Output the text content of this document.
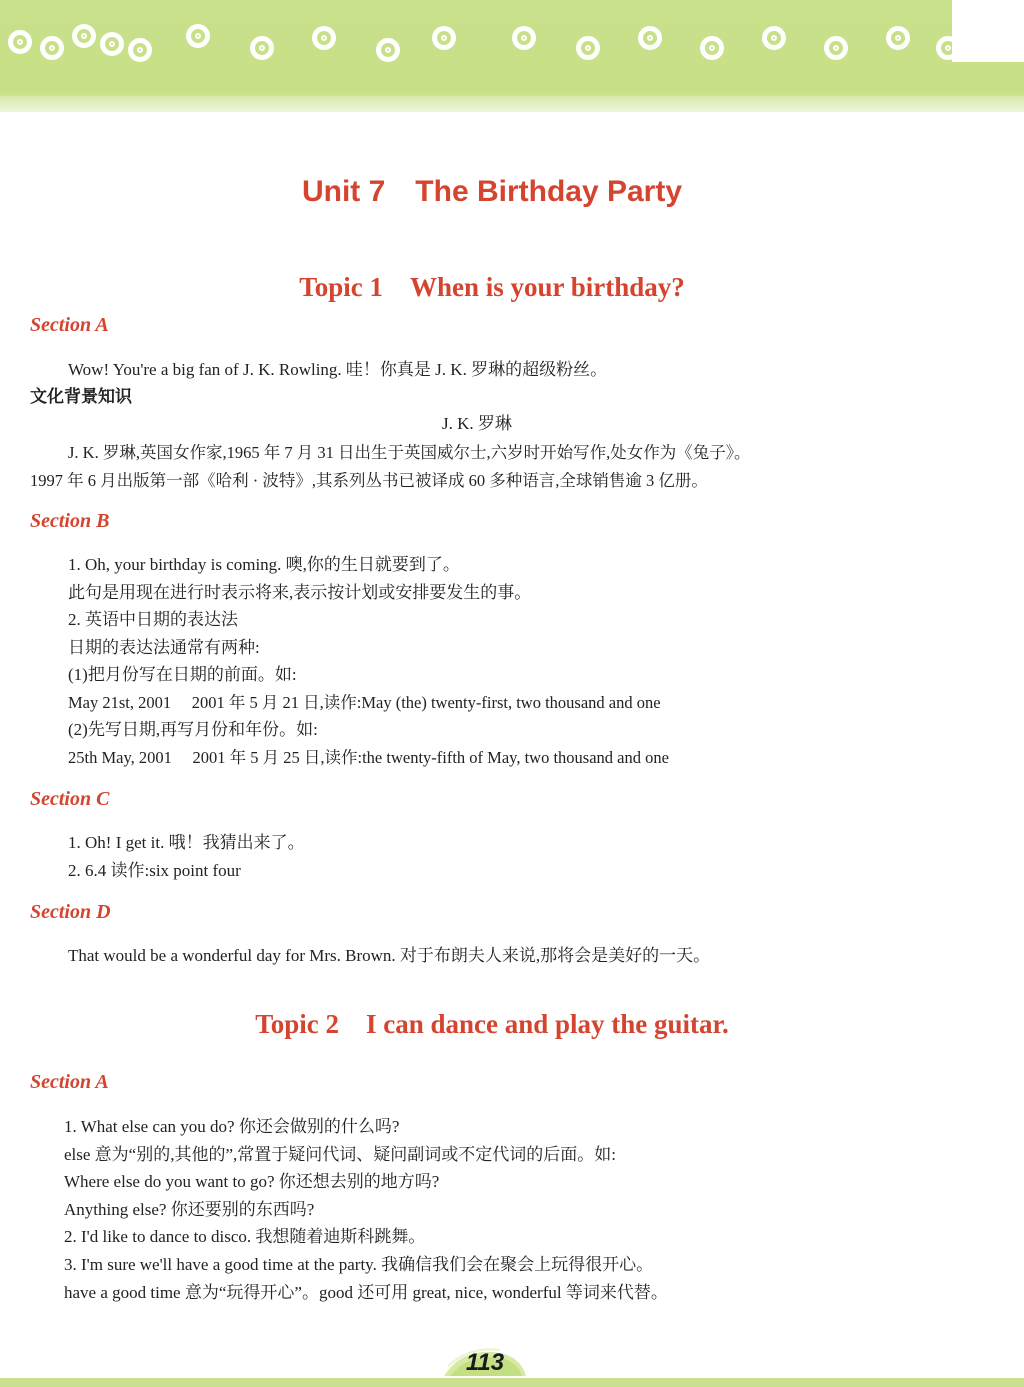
Unit 7 The Birthday Party
Topic 1 When is your birthday?
Section A
Wow! You're a big fan of J. K. Rowling. 哇！你真是 J. K. 罗琳的超级粉丝。
文化背景知识
J. K. 罗琳
J. K. 罗琳,英国女作家,1965 年 7 月 31 日出生于英国威尔士,六岁时开始写作,处女作为《兔子》。
1997 年 6 月出版第一部《哈利 · 波特》,其系列丛书已被译成 60 多种语言,全球销售逾 3 亿册。
Section B
1. Oh, your birthday is coming. 噢,你的生日就要到了。
此句是用现在进行时表示将来,表示按计划或安排要发生的事。
2. 英语中日期的表达法
日期的表达法通常有两种:
(1)把月份写在日期的前面。如:
May 21st, 2001  2001 年 5 月 21 日,读作:May (the) twenty-first, two thousand and one
(2)先写日期,再写月份和年份。如:
25th May, 2001  2001 年 5 月 25 日,读作:the twenty-fifth of May, two thousand and one
Section C
1. Oh! I get it. 哦！我猜出来了。
2. 6.4 读作:six point four
Section D
That would be a wonderful day for Mrs. Brown. 对于布朗夫人来说,那将会是美好的一天。
Topic 2 I can dance and play the guitar.
Section A
1. What else can you do? 你还会做别的什么吗?
else 意为“别的,其他的”,常置于疑问代词、疑问副词或不定代词的后面。如:
Where else do you want to go? 你还想去别的地方吗?
Anything else? 你还要别的东西吗?
2. I'd like to dance to disco. 我想随着迪斯科跳舞。
3. I'm sure we'll have a good time at the party. 我确信我们会在聚会上玩得很开心。
have a good time 意为“玩得开心”。good 还可用 great, nice, wonderful 等词来代替。
113
